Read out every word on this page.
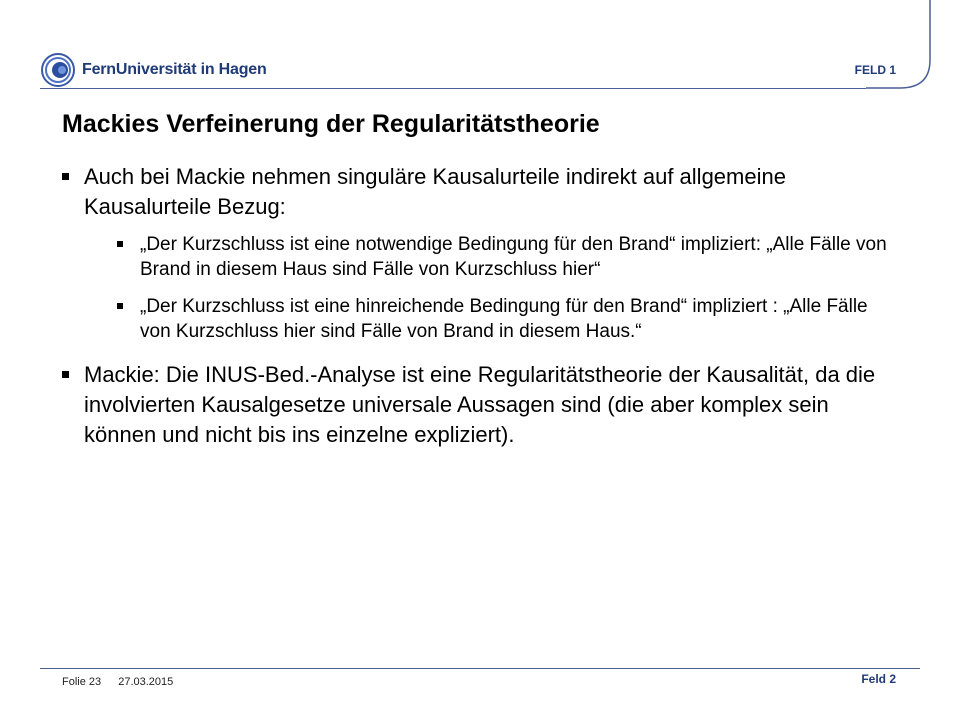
FernUniversität in Hagen	FELD 1
Mackies Verfeinerung der Regularitätstheorie
Auch bei Mackie nehmen singuläre Kausalurteile indirekt auf allgemeine Kausalurteile Bezug:
„Der Kurzschluss ist eine notwendige Bedingung für den Brand“ impliziert: „Alle Fälle von Brand in diesem Haus sind Fälle von Kurzschluss hier“
„Der Kurzschluss ist eine hinreichende Bedingung für den Brand“ impliziert : „Alle Fälle von Kurzschluss hier sind Fälle von Brand in diesem Haus.“
Mackie: Die INUS-Bed.-Analyse ist eine Regularitätstheorie der Kausalität, da die involvierten Kausalgesetze universale Aussagen sind (die aber komplex sein können und nicht bis ins einzelne expliziert).
Folie 23 27.03.2015	Feld 2
